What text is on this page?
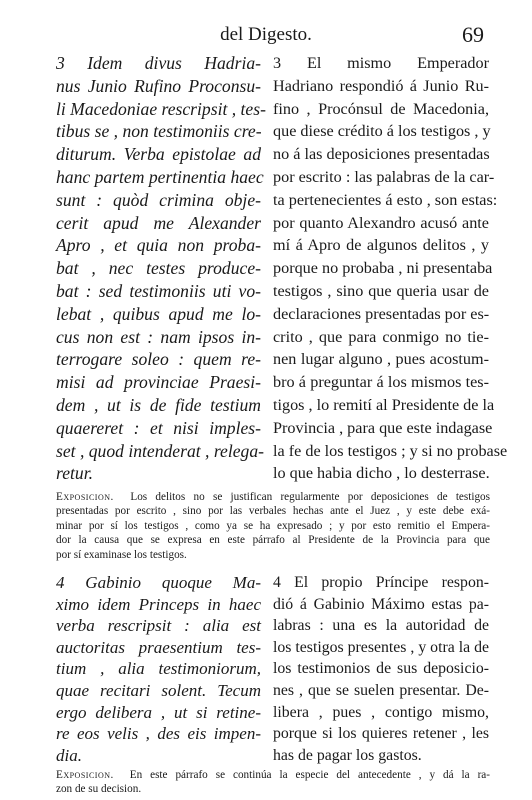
del Digesto.	69
3 Idem divus Hadria-
nus Junio Rufino Proconsu-
li Macedoniae rescripsit , tes-
tibus se , non testimoniis cre-
diturum. Verba epistolae ad
hanc partem pertinentia haec
sunt : quòd crimina obje-
cerit apud me Alexander
Apro , et quia non proba-
bat , nec testes produce-
bat : sed testimoniis uti vo-
lebat , quibus apud me lo-
cus non est : nam ipsos in-
terrogare soleo : quem re-
misi ad provinciae Praesi-
dem , ut is de fide testium
quaereret : et nisi imples-
set , quod intenderat , relega-
retur.
3 El mismo Emperador
Hadriano respondió á Junio Ru-
fino , Procónsul de Macedonia,
que diese crédito á los testigos , y
no á las deposiciones presentadas
por escrito : las palabras de la car-
ta pertenecientes á esto , son estas:
por quanto Alexandro acusó ante
mí á Apro de algunos delitos , y
porque no probaba , ni presentaba
testigos , sino que queria usar de
declaraciones presentadas por es-
crito , que para conmigo no tie-
nen lugar alguno , pues acostum-
bro á preguntar á los mismos tes-
tigos , lo remití al Presidente de la
Provincia , para que este indagase
la fe de los testigos ; y si no probase
lo que habia dicho , lo desterrase.
Exposicion. Los delitos no se justifican regularmente por deposiciones de testigos
presentadas por escrito , sino por las verbales hechas ante el Juez , y este debe exá-
minar por sí los testigos , como ya se ha expresado ; y por esto remitio el Empera-
dor la causa que se expresa en este párrafo al Presidente de la Provincia para que
por sí examinase los testigos.
4 Gabinio quoque Ma-
ximo idem Princeps in haec
verba rescripsit : alia est
auctoritas praesentium tes-
tium , alia testimoniorum,
quae recitari solent. Tecum
ergo delibera , ut si retine-
re eos velis , des eis impen-
dia.
4 El propio Príncipe respon-
dió á Gabinio Máximo estas pa-
labras : una es la autoridad de
los testigos presentes , y otra la de
los testimonios de sus deposicio-
nes , que se suelen presentar. De-
libera , pues , contigo mismo,
porque si los quieres retener , les
has de pagar los gastos.
Exposicion. En este párrafo se continúa la especie del antecedente , y dá la ra-
zon de su decision.
